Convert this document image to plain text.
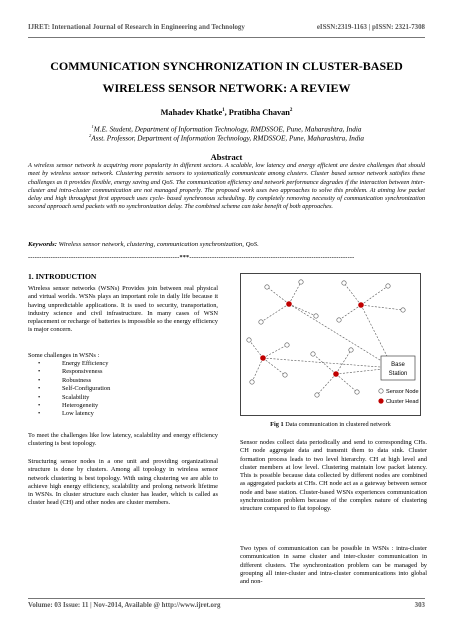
IJRET: International Journal of Research in Engineering and Technology	eISSN:2319-1163 | pISSN: 2321-7308
COMMUNICATION SYNCHRONIZATION IN CLUSTER-BASED
WIRELESS SENSOR NETWORK: A REVIEW
Mahadev Khatke$^1$, Pratibha Chavan$^2$
$^1$M.E. Student, Department of Information Technology, RMDSSOE, Pune, Maharashtra, India
$^2$Asst. Professor, Department of Information Technology, RMDSSOE, Pune, Maharashtra, India
Abstract
A wireless sensor network is acquiring more popularity in different sectors. A scalable, low latency and energy efficient are desire challenges that should meet by wireless sensor network. Clustering permits sensors to systematically communicate among clusters. Cluster based sensor network satisfies these challenges as it provides flexible, energy saving and QoS. The communication efficiency and network performance degrades if the interaction between inter-cluster and intra-cluster communication are not managed properly. The proposed work uses two approaches to solve this problem. At aiming low packet delay and high throughput first approach uses cycle- based synchronous scheduling. By completely removing necessity of communication synchronization second approach send packets with no synchronization delay. The combined scheme can take benefit of both approaches.
Keywords: Wireless sensor network, clustering, communication synchronization, QoS.
-------------------------------------------------------------------***-------------------------------------------------------------------------
1. INTRODUCTION
Wireless sensor networks (WSNs) Provides join between real physical and virtual worlds. WSNs plays an important role in daily life because it having unpredictable applications. It is used to security, transportation, industry science and civil infrastructure. In many cases of WSN replacement or recharge of batteries is impossible so the energy efficiency is major concern.
Some challenges in WSNs :
• Energy Efficiency
• Responsiveness
• Robustness
• Self-Configuration
• Scalability
• Heterogeneity
• Low latency
To meet the challenges like low latency, scalability and energy efficiency clustering is best topology.
Structuring sensor nodes in a one unit and providing organizational structure is done by clusters. Among all topology in wireless sensor network clustering is best topology. With using clustering we are able to achieve high energy efficiency, scalability and prolong network lifetime in WSNs. In cluster structure each cluster has leader, which is called as cluster head (CH) and other nodes are cluster members.
Base
Station
Sensor Node
Cluster Head
Fig 1 Data communication in clustered network
Sensor nodes collect data periodically and send to corresponding CHs. CH node aggregate data and transmit them to data sink. Cluster formation process leads to two level hierarchy. CH at high level and cluster members at low level. Clustering maintain low packet latency. This is possible because data collected by different nodes are combined as aggregated packets at CHs. CH node act as a gateway between sensor node and base station. Cluster-based WSNs experiences communication synchronization problem because of the complex nature of clustering structure compared to flat topology.
Two types of communication can be possible in WSNs : intra-cluster communication in same cluster and inter-cluster communication in different clusters. The synchronization problem can be managed by grouping all inter-cluster and intra-cluster communications into global and non-
Volume: 03 Issue: 11 | Nov-2014, Available @ http://www.ijret.org	303
